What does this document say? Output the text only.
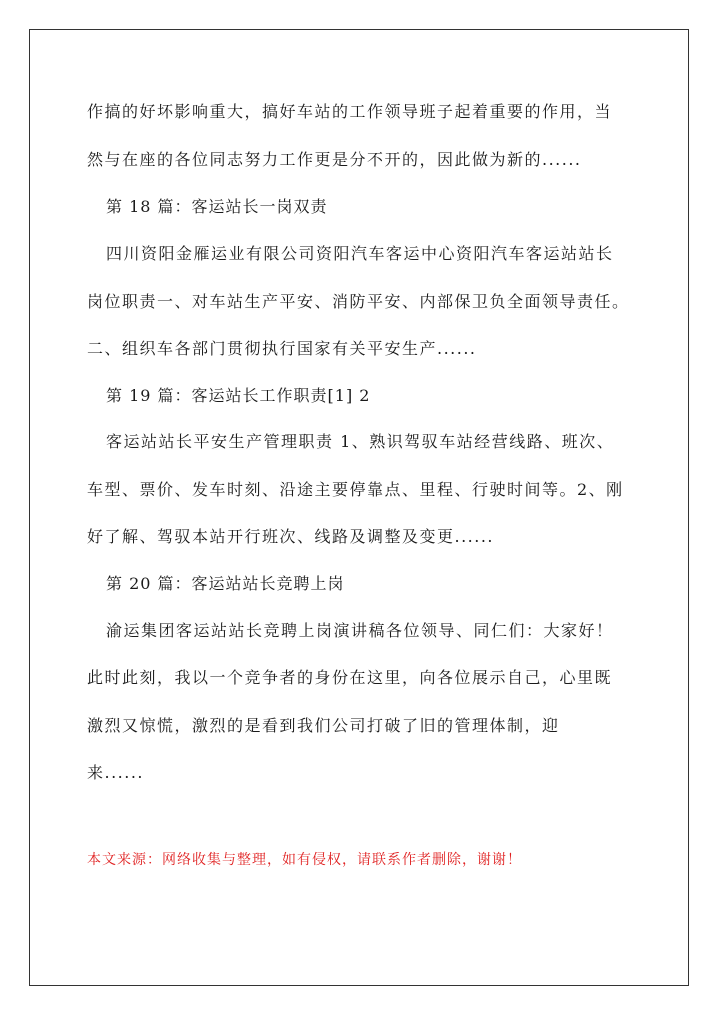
作搞的好坏影响重大，搞好车站的工作领导班子起着重要的作用，当
然与在座的各位同志努力工作更是分不开的，因此做为新的......
第 18 篇：客运站长一岗双责
四川资阳金雁运业有限公司资阳汽车客运中心资阳汽车客运站站长
岗位职责一、对车站生产平安、消防平安、内部保卫负全面领导责任。
二、组织车各部门贯彻执行国家有关平安生产......
第 19 篇：客运站长工作职责[1] 2
客运站站长平安生产管理职责 1、熟识驾驭车站经营线路、班次、
车型、票价、发车时刻、沿途主要停靠点、里程、行驶时间等。2、刚
好了解、驾驭本站开行班次、线路及调整及变更......
第 20 篇：客运站站长竞聘上岗
渝运集团客运站站长竞聘上岗演讲稿各位领导、同仁们：大家好！
此时此刻，我以一个竞争者的身份在这里，向各位展示自己，心里既
激烈又惊慌，激烈的是看到我们公司打破了旧的管理体制，迎
来......
本文来源：网络收集与整理，如有侵权，请联系作者删除，谢谢！
